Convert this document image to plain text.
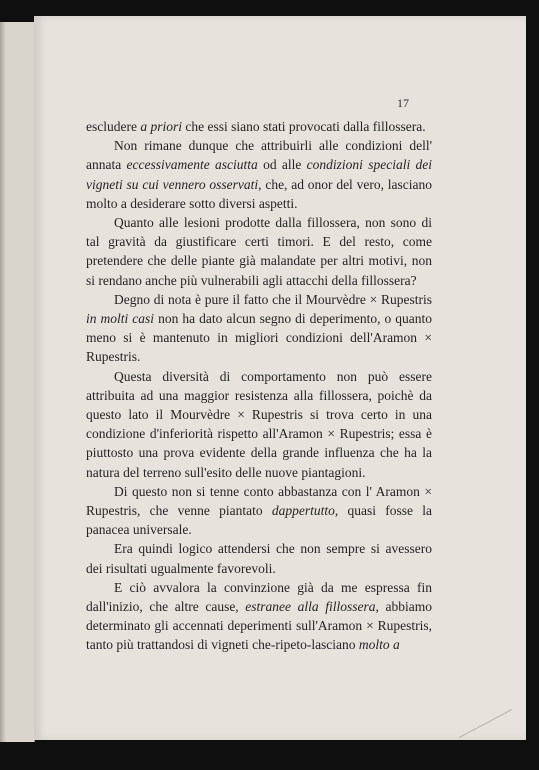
17

escludere a priori che essi siano stati provocati dalla fillossera.

Non rimane dunque che attribuirli alle condizioni dell' annata eccessivamente asciutta od alle condizioni speciali dei vigneti su cui vennero osservati, che, ad onor del vero, lasciano molto a desiderare sotto diversi aspetti.

Quanto alle lesioni prodotte dalla fillossera, non sono di tal gravità da giustificare certi timori. E del resto, come pretendere che delle piante già malandate per altri motivi, non si rendano anche più vulnerabili agli attacchi della fillossera?

Degno di nota è pure il fatto che il Mourvèdre × Rupestris in molti casi non ha dato alcun segno di deperimento, o quanto meno si è mantenuto in migliori condizioni dell'Aramon × Rupestris.

Questa diversità di comportamento non può essere attribuita ad una maggior resistenza alla fillossera, poichè da questo lato il Mourvèdre × Rupestris si trova certo in una condizione d'inferiorità rispetto all'Aramon × Rupestris; essa è piuttosto una prova evidente della grande influenza che ha la natura del terreno sull'esito delle nuove piantagioni.

Di questo non si tenne conto abbastanza con l' Aramon × Rupestris, che venne piantato dappertutto, quasi fosse la panacea universale.

Era quindi logico attendersi che non sempre si avessero dei risultati ugualmente favorevoli.

E ciò avvalora la convinzione già da me espressa fin dall'inizio, che altre cause, estranee alla fillossera, abbiamo determinato gli accennati deperimenti sull'Aramon × Rupestris, tanto più trattandosi di vigneti che-ripeto-lasciano molto a
